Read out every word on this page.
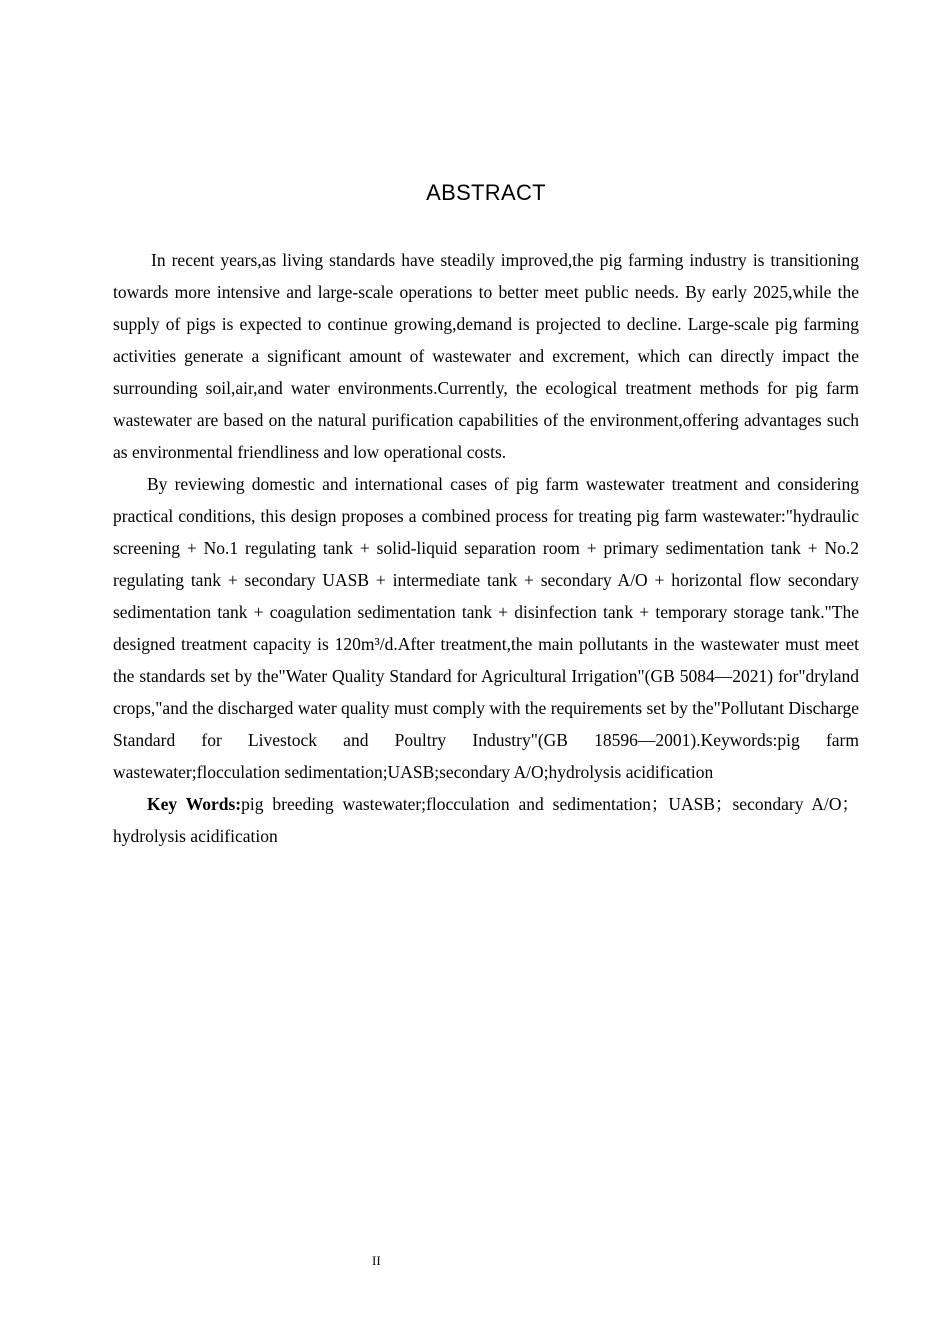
ABSTRACT

In recent years,as living standards have steadily improved,the pig farming industry is transitioning towards more intensive and large-scale operations to better meet public needs. By early 2025,while the supply of pigs is expected to continue growing,demand is projected to decline. Large-scale pig farming activities generate a significant amount of wastewater and excrement, which can directly impact the surrounding soil,air,and water environments.Currently, the ecological treatment methods for pig farm wastewater are based on the natural purification capabilities of the environment,offering advantages such as environmental friendliness and low operational costs.

By reviewing domestic and international cases of pig farm wastewater treatment and considering practical conditions, this design proposes a combined process for treating pig farm wastewater:"hydraulic screening + No.1 regulating tank + solid-liquid separation room + primary sedimentation tank + No.2 regulating tank + secondary UASB + intermediate tank + secondary A/O + horizontal flow secondary sedimentation tank + coagulation sedimentation tank + disinfection tank + temporary storage tank."The designed treatment capacity is 120m³/d.After treatment,the main pollutants in the wastewater must meet the standards set by the"Water Quality Standard for Agricultural Irrigation"(GB 5084—2021) for"dryland crops,"and the discharged water quality must comply with the requirements set by the"Pollutant Discharge Standard for Livestock and Poultry Industry"(GB 18596—2001).Keywords:pig farm wastewater;flocculation sedimentation;UASB;secondary A/O;hydrolysis acidification

Key Words:pig breeding wastewater;flocculation and sedimentation；UASB；secondary A/O；hydrolysis acidification

II
